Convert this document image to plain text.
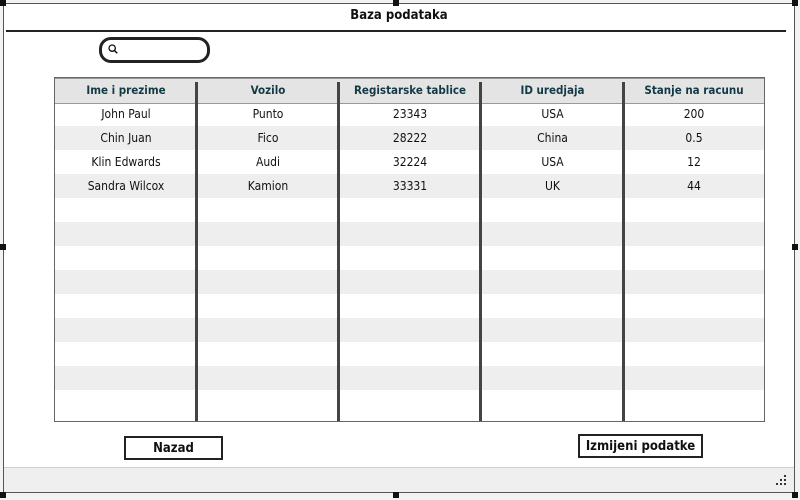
Baza podataka
Ime i prezime	Vozilo	Registarske tablice	ID uredjaja	Stanje na racunu
John Paul	Punto	23343	USA	200
Chin Juan	Fico	28222	China	0.5
Klin Edwards	Audi	32224	USA	12
Sandra Wilcox	Kamion	33331	UK	44
Nazad	Izmijeni podatke
